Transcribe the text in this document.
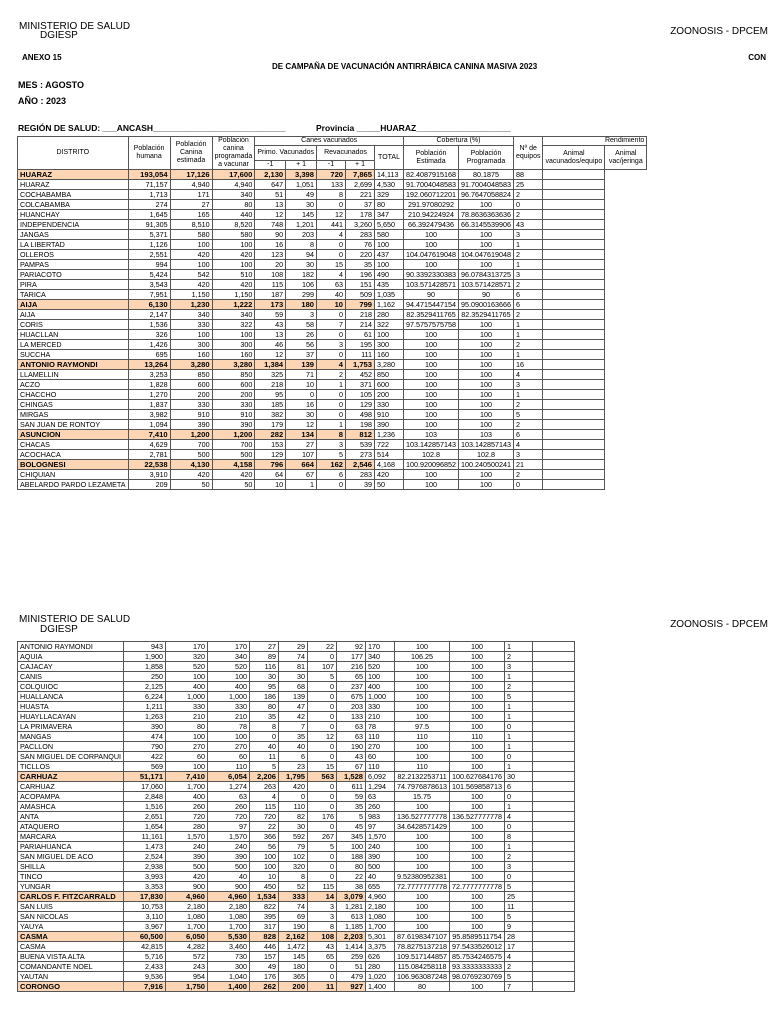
MINISTERIO DE SALUD
DGIESP	ZOONOSIS - DPCEM
ANEXO 15	CON
DE CAMPAÑA DE VACUNACIÓN ANTIRRÁBICA CANINA MASIVA 2023
MES : AGOSTO
AÑO : 2023
REGIÓN DE SALUD: ___ANCASH____________________________	Provincia _____HUARAZ____________________
DISTRITO	Población humana	Población Canina estimada	Población canina programada a vacunar	Canes vacunados					Cobertura (%)		Nº de equipos	Rendimiento	
				Primo. Vacunados		Revacunados		TOTAL	Población Estimada	Población Programada		Animal vacunados/equipo	Animal vac/jeringa
				-1	+ 1	-1	+ 1						
HUARAZ	193,054	17,126	17,600	2,130	3,398	720	7,865	14,113	82.4087915168	80.1875	88		
HUARAZ	71,157	4,940	4,940	647	1,051	133	2,699	4,530	91.7004048583	91.7004048583	25		
COCHABAMBA	1,713	171	340	51	49	8	221	329	192.060712201	96.7647058824	2		
COLCABAMBA	274	27	80	13	30	0	37	80	291.97080292	100	0		
HUANCHAY	1,645	165	440	12	145	12	178	347	210.94224924	78.8636363636	2		
INDEPENDENCIA	91,305	8,510	8,520	748	1,201	441	3,260	5,650	66.392479436	66.3145539906	43		
JANGAS	5,371	580	580	90	203	4	283	580	100	100	3		
LA LIBERTAD	1,126	100	100	16	8	0	76	100	100	100	1		
OLLEROS	2,551	420	420	123	94	0	220	437	104.047619048	104.047619048	2		
PAMPAS	994	100	100	20	30	15	35	100	100	100	1		
PARIACOTO	5,424	542	510	108	182	4	196	490	90.3392330383	96.0784313725	3		
PIRA	3,543	420	420	115	106	63	151	435	103.571428571	103.571428571	2		
TARICA	7,951	1,150	1,150	187	299	40	509	1,035	90	90	6		
AIJA	6,130	1,230	1,222	173	180	10	799	1,162	94.4715447154	95.0900163666	6		
AIJA	2,147	340	340	59	3	0	218	280	82.3529411765	82.3529411765	2		
CORIS	1,536	330	322	43	58	7	214	322	97.5757575758	100	1		
HUACLLAN	326	100	100	13	26	0	61	100	100	100	1		
LA MERCED	1,426	300	300	46	56	3	195	300	100	100	2		
SUCCHA	695	160	160	12	37	0	111	160	100	100	1		
ANTONIO RAYMONDI	13,264	3,280	3,280	1,384	139	4	1,753	3,280	100	100	16		
LLAMELLIN	3,253	850	850	325	71	2	452	850	100	100	4		
ACZO	1,828	600	600	218	10	1	371	600	100	100	3		
CHACCHO	1,270	200	200	95	0	0	105	200	100	100	1		
CHINGAS	1,837	330	330	185	16	0	129	330	100	100	2		
MIRGAS	3,982	910	910	382	30	0	498	910	100	100	5		
SAN JUAN DE RONTOY	1,094	390	390	179	12	1	198	390	100	100	2		
ASUNCION	7,410	1,200	1,200	282	134	8	812	1,236	103	103	6		
CHACAS	4,629	700	700	153	27	3	539	722	103.142857143	103.142857143	4		
ACOCHACA	2,781	500	500	129	107	5	273	514	102.8	102.8	3		
BOLOGNESI	22,538	4,130	4,158	796	664	162	2,546	4,168	100.920096852	100.240500241	21		
CHIQUIAN	3,910	420	420	64	67	6	283	420	100	100	2		
ABELARDO PARDO LEZAMETA	209	50	50	10	1	0	39	50	100	100	0		
MINISTERIO DE SALUD
DGIESP	ZOONOSIS - DPCEM
ANTONIO RAYMONDI	943	170	170	27	29	22	92	170	100	100	1	
AQUIA	1,900	320	340	89	74	0	177	340	106.25	100	2	
CAJACAY	1,858	520	520	116	81	107	216	520	100	100	3	
CANIS	250	100	100	30	30	5	65	100	100	100	1	
COLQUIOC	2,125	400	400	95	68	0	237	400	100	100	2	
HUALLANCA	6,224	1,000	1,000	186	139	0	675	1,000	100	100	5	
HUASTA	1,211	330	330	80	47	0	203	330	100	100	1	
HUAYLLACAYAN	1,263	210	210	35	42	0	133	210	100	100	1	
LA PRIMAVERA	390	80	78	8	7	0	63	78	97.5	100	0	
MANGAS	474	100	100	0	35	12	63	110	110	110	1	
PACLLON	790	270	270	40	40	0	190	270	100	100	1	
SAN MIGUEL DE CORPANQUI	422	60	60	11	6	0	43	60	100	100	0	
TICLLOS	569	100	110	5	23	15	67	110	110	100	1	
CARHUAZ	51,171	7,410	6,054	2,206	1,795	563	1,528	6,092	82.2132253711	100.627684176	30	
CARHUAZ	17,060	1,700	1,274	263	420	0	611	1,294	74.7976878613	101.569858713	6	
ACOPAMPA	2,848	400	63	4	0	0	59	63	15.75	100	0	
AMASHCA	1,516	260	260	115	110	0	35	260	100	100	1	
ANTA	2,651	720	720	720	82	176	5	983	136.527777778	136.527777778	4	
ATAQUERO	1,654	280	97	22	30	0	45	97	34.6428571429	100	0	
MARCARA	11,161	1,570	1,570	366	592	267	345	1,570	100	100	8	
PARIAHUANCA	1,473	240	240	56	79	5	100	240	100	100	1	
SAN MIGUEL DE ACO	2,524	390	390	100	102	0	188	390	100	100	2	
SHILLA	2,938	500	500	100	320	0	80	500	100	100	3	
TINCO	3,993	420	40	10	8	0	22	40	9.52380952381	100	0	
YUNGAR	3,353	900	900	450	52	115	38	655	72.7777777778	72.7777777778	5	
CARLOS F. FITZCARRALD	17,830	4,960	4,960	1,534	333	14	3,079	4,960	100	100	25	
SAN LUIS	10,753	2,180	2,180	822	74	3	1,281	2,180	100	100	11	
SAN NICOLAS	3,110	1,080	1,080	395	69	3	613	1,080	100	100	5	
YAUYA	3,967	1,700	1,700	317	190	8	1,185	1,700	100	100	9	
CASMA	60,500	6,050	5,530	828	2,162	108	2,203	5,301	87.6198347107	95.8589511754	28	
CASMA	42,815	4,282	3,460	446	1,472	43	1,414	3,375	78.8275137218	97.5433526012	17	
BUENA VISTA ALTA	5,716	572	730	157	145	65	259	626	109.517144857	85.7534246575	4	
COMANDANTE NOEL	2,433	243	300	49	180	0	51	280	115.084258118	93.3333333333	2	
YAUTAN	9,536	954	1,040	176	365	0	479	1,020	106.963087248	98.0769230769	5	
CORONGO	7,916	1,750	1,400	262	200	11	927	1,400	80	100	7	
